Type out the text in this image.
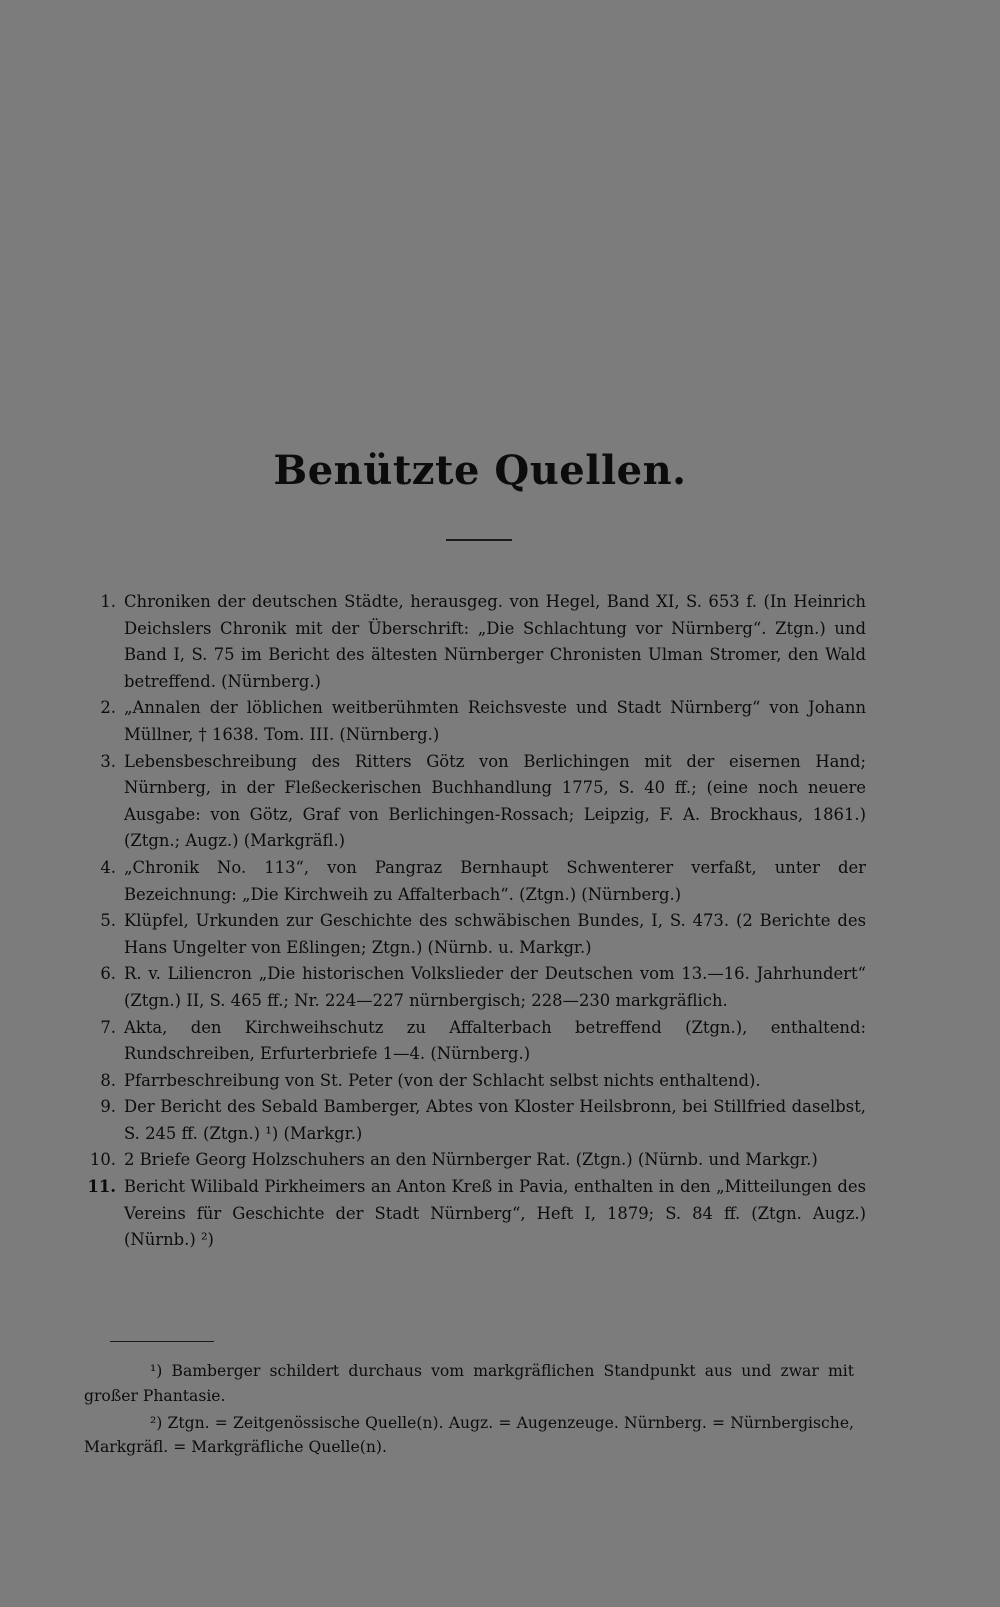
Benützte Quellen.
1. Chroniken der deutschen Städte, herausgeg. von Hegel, Band XI, S. 653 f. (In Heinrich Deichslers Chronik mit der Überschrift: „Die Schlachtung vor Nürnberg“. Ztgn.) und Band I, S. 75 im Bericht des ältesten Nürnberger Chronisten Ulman Stromer, den Wald betreffend. (Nürnberg.)
2. „Annalen der löblichen weitberühmten Reichsveste und Stadt Nürnberg“ von Johann Müllner, † 1638. Tom. III. (Nürnberg.)
3. Lebensbeschreibung des Ritters Götz von Berlichingen mit der eisernen Hand; Nürnberg, in der Fleßeckerischen Buchhandlung 1775, S. 40 ff.; (eine noch neuere Ausgabe: von Götz, Graf von Berlichingen-Rossach; Leipzig, F. A. Brockhaus, 1861.) (Ztgn.; Augz.) (Markgräfl.)
4. „Chronik No. 113“, von Pangraz Bernhaupt Schwenterer verfaßt, unter der Bezeichnung: „Die Kirchweih zu Affalterbach“. (Ztgn.) (Nürnberg.)
5. Klüpfel, Urkunden zur Geschichte des schwäbischen Bundes, I, S. 473. (2 Berichte des Hans Ungelter von Eßlingen; Ztgn.) (Nürnb. u. Markgr.)
6. R. v. Liliencron „Die historischen Volkslieder der Deutschen vom 13.—16. Jahrhundert“ (Ztgn.) II, S. 465 ff.; Nr. 224—227 nürnbergisch; 228—230 markgräflich.
7. Akta, den Kirchweihschutz zu Affalterbach betreffend (Ztgn.), enthaltend: Rundschreiben, Erfurterbriefe 1—4. (Nürnberg.)
8. Pfarrbeschreibung von St. Peter (von der Schlacht selbst nichts enthaltend).
9. Der Bericht des Sebald Bamberger, Abtes von Kloster Heilsbronn, bei Stillfried daselbst, S. 245 ff. (Ztgn.) ¹) (Markgr.)
10. 2 Briefe Georg Holzschuhers an den Nürnberger Rat. (Ztgn.) (Nürnb. und Markgr.)
11. Bericht Wilibald Pirkheimers an Anton Kreß in Pavia, enthalten in den „Mitteilungen des Vereins für Geschichte der Stadt Nürnberg“, Heft I, 1879; S. 84 ff. (Ztgn. Augz.) (Nürnb.) ²)

¹) Bamberger schildert durchaus vom markgräflichen Standpunkt aus und zwar mit großer Phantasie.

²) Ztgn. = Zeitgenössische Quelle(n). Augz. = Augenzeuge. Nürnberg. = Nürnbergische, Markgräfl. = Markgräfliche Quelle(n).
